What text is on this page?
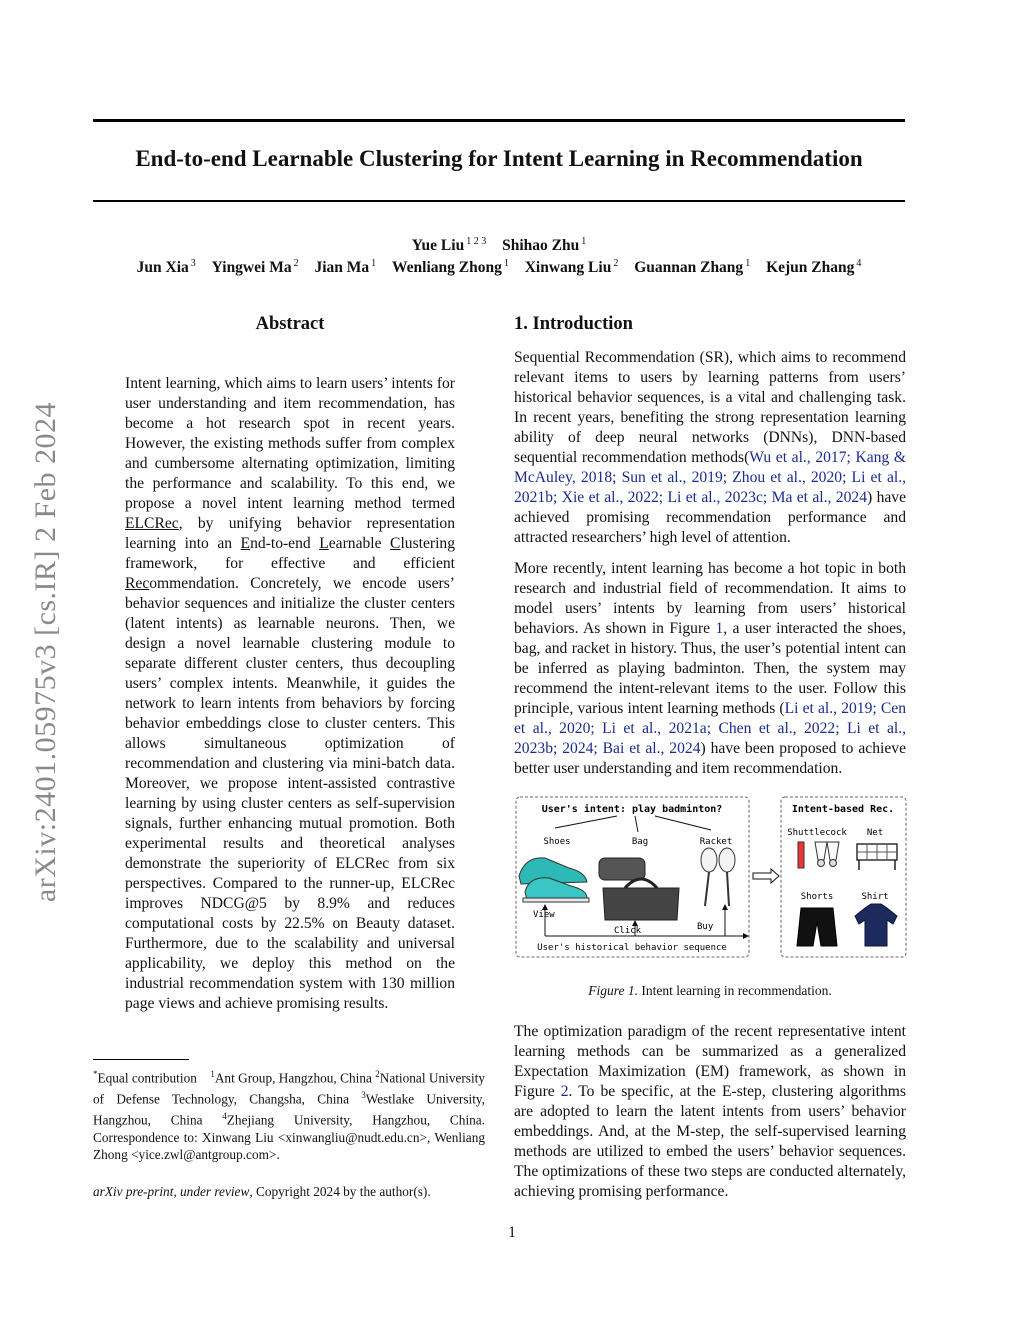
End-to-end Learnable Clustering for Intent Learning in Recommendation
Yue Liu $^{1 2 3}$ Shihao Zhu $^1$
Jun Xia $^3$ Yingwei Ma $^2$ Jian Ma $^1$ Wenliang Zhong $^1$ Xinwang Liu $^2$ Guannan Zhang $^1$ Kejun Zhang $^4$
arXiv:2401.05975v3 [cs.IR] 2 Feb 2024
Abstract
Intent learning, which aims to learn users’ intents for user understanding and item recommendation, has become a hot research spot in recent years. However, the existing methods suffer from complex and cumbersome alternating optimization, limiting the performance and scalability. To this end, we propose a novel intent learning method termed ELCRec, by unifying behavior representation learning into an End-to-end Learnable Clustering framework, for effective and efficient Recommendation. Concretely, we encode users’ behavior sequences and initialize the cluster centers (latent intents) as learnable neurons. Then, we design a novel learnable clustering module to separate different cluster centers, thus decoupling users’ complex intents. Meanwhile, it guides the network to learn intents from behaviors by forcing behavior embeddings close to cluster centers. This allows simultaneous optimization of recommendation and clustering via mini-batch data. Moreover, we propose intent-assisted contrastive learning by using cluster centers as self-supervision signals, further enhancing mutual promotion. Both experimental results and theoretical analyses demonstrate the superiority of ELCRec from six perspectives. Compared to the runner-up, ELCRec improves NDCG@5 by 8.9% and reduces computational costs by 22.5% on Beauty dataset. Furthermore, due to the scalability and universal applicability, we deploy this method on the industrial recommendation system with 130 million page views and achieve promising results.
1. Introduction
Sequential Recommendation (SR), which aims to recommend relevant items to users by learning patterns from users’ historical behavior sequences, is a vital and challenging task. In recent years, benefiting the strong representation learning ability of deep neural networks (DNNs), DNN-based sequential recommendation methods(Wu et al., 2017; Kang & McAuley, 2018; Sun et al., 2019; Zhou et al., 2020; Li et al., 2021b; Xie et al., 2022; Li et al., 2023c; Ma et al., 2024) have achieved promising recommendation performance and attracted researchers’ high level of attention.
More recently, intent learning has become a hot topic in both research and industrial field of recommendation. It aims to model users’ intents by learning from users’ historical behaviors. As shown in Figure 1, a user interacted the shoes, bag, and racket in history. Thus, the user’s potential intent can be inferred as playing badminton. Then, the system may recommend the intent-relevant items to the user. Follow this principle, various intent learning methods (Li et al., 2019; Cen et al., 2020; Li et al., 2021a; Chen et al., 2022; Li et al., 2023b; 2024; Bai et al., 2024) have been proposed to achieve better user understanding and item recommendation.
User's intent: play badminton?	Intent-based Rec.
Shoes	Bag	Racket
View
Click	Buy
User's historical behavior sequence
Shuttlecock Net
Shorts	Shirt
Figure 1. Intent learning in recommendation.
The optimization paradigm of the recent representative intent learning methods can be summarized as a generalized Expectation Maximization (EM) framework, as shown in Figure 2. To be specific, at the E-step, clustering algorithms are adopted to learn the latent intents from users’ behavior embeddings. And, at the M-step, the self-supervised learning methods are utilized to embed the users’ behavior sequences. The optimizations of these two steps are conducted alternately, achieving promising performance.
*Equal contribution $^1$Ant Group, Hangzhou, China $^2$National University of Defense Technology, Changsha, China $^3$Westlake University, Hangzhou, China $^4$Zhejiang University, Hangzhou, China. Correspondence to: Xinwang Liu <xinwangliu@nudt.edu.cn>, Wenliang Zhong <yice.zwl@antgroup.com>.
arXiv pre-print, under review, Copyright 2024 by the author(s).
1
